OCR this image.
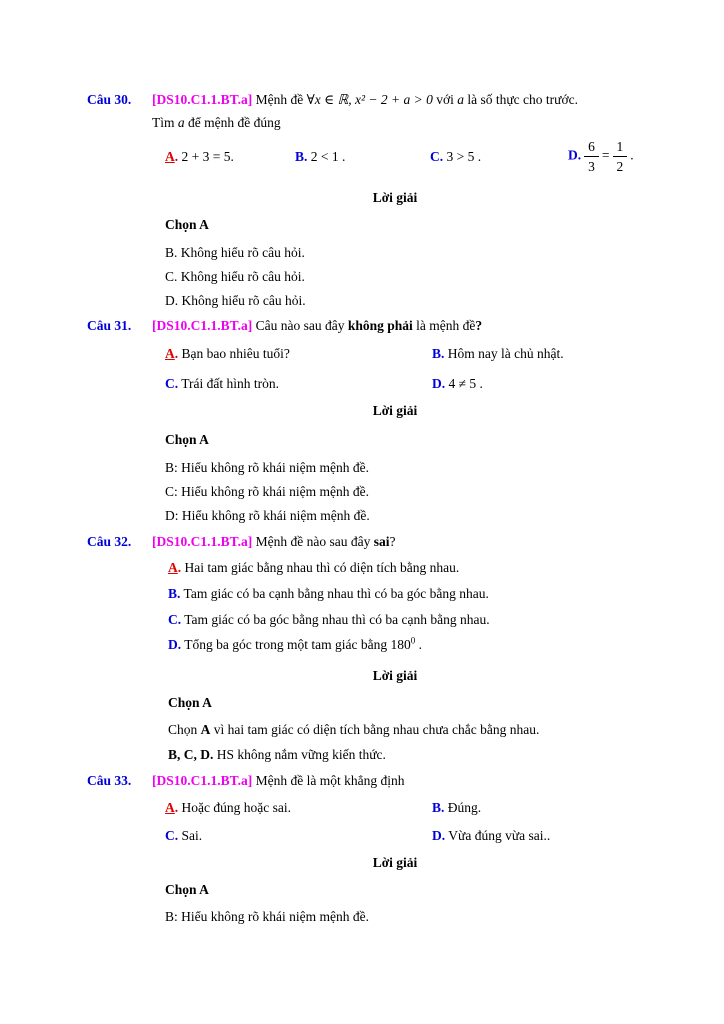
Câu 30. [DS10.C1.1.BT.a] Mệnh đề ∀x ∈ ℝ, x² − 2 + a > 0 với a là số thực cho trước.
Tìm a để mệnh đề đúng
A. 2 + 3 = 5.	B. 2 < 1 .	C. 3 > 5 .	D. $\frac{6}{3} = \frac{1}{2}$ .
Lời giải
Chọn A
B. Không hiểu rõ câu hỏi.
C. Không hiểu rõ câu hỏi.
D. Không hiểu rõ câu hỏi.
Câu 31. [DS10.C1.1.BT.a] Câu nào sau đây không phải là mệnh đề?
A. Bạn bao nhiêu tuổi?	B. Hôm nay là chủ nhật.
C. Trái đất hình tròn.	D. 4 ≠ 5 .
Lời giải
Chọn A
B: Hiểu không rõ khái niệm mệnh đề.
C: Hiểu không rõ khái niệm mệnh đề.
D: Hiểu không rõ khái niệm mệnh đề.
Câu 32. [DS10.C1.1.BT.a] Mệnh đề nào sau đây sai?
A. Hai tam giác bằng nhau thì có diện tích bằng nhau.
B. Tam giác có ba cạnh bằng nhau thì có ba góc bằng nhau.
C. Tam giác có ba góc bằng nhau thì có ba cạnh bằng nhau.
D. Tổng ba góc trong một tam giác bằng $180^0$ .
Lời giải
Chọn A
Chọn A vì hai tam giác có diện tích bằng nhau chưa chắc bằng nhau.
B, C, D. HS không nắm vững kiến thức.
Câu 33. [DS10.C1.1.BT.a] Mệnh đề là một khẳng định
A. Hoặc đúng hoặc sai.	B. Đúng.
C. Sai.	D. Vừa đúng vừa sai..
Lời giải
Chọn A
B: Hiểu không rõ khái niệm mệnh đề.
